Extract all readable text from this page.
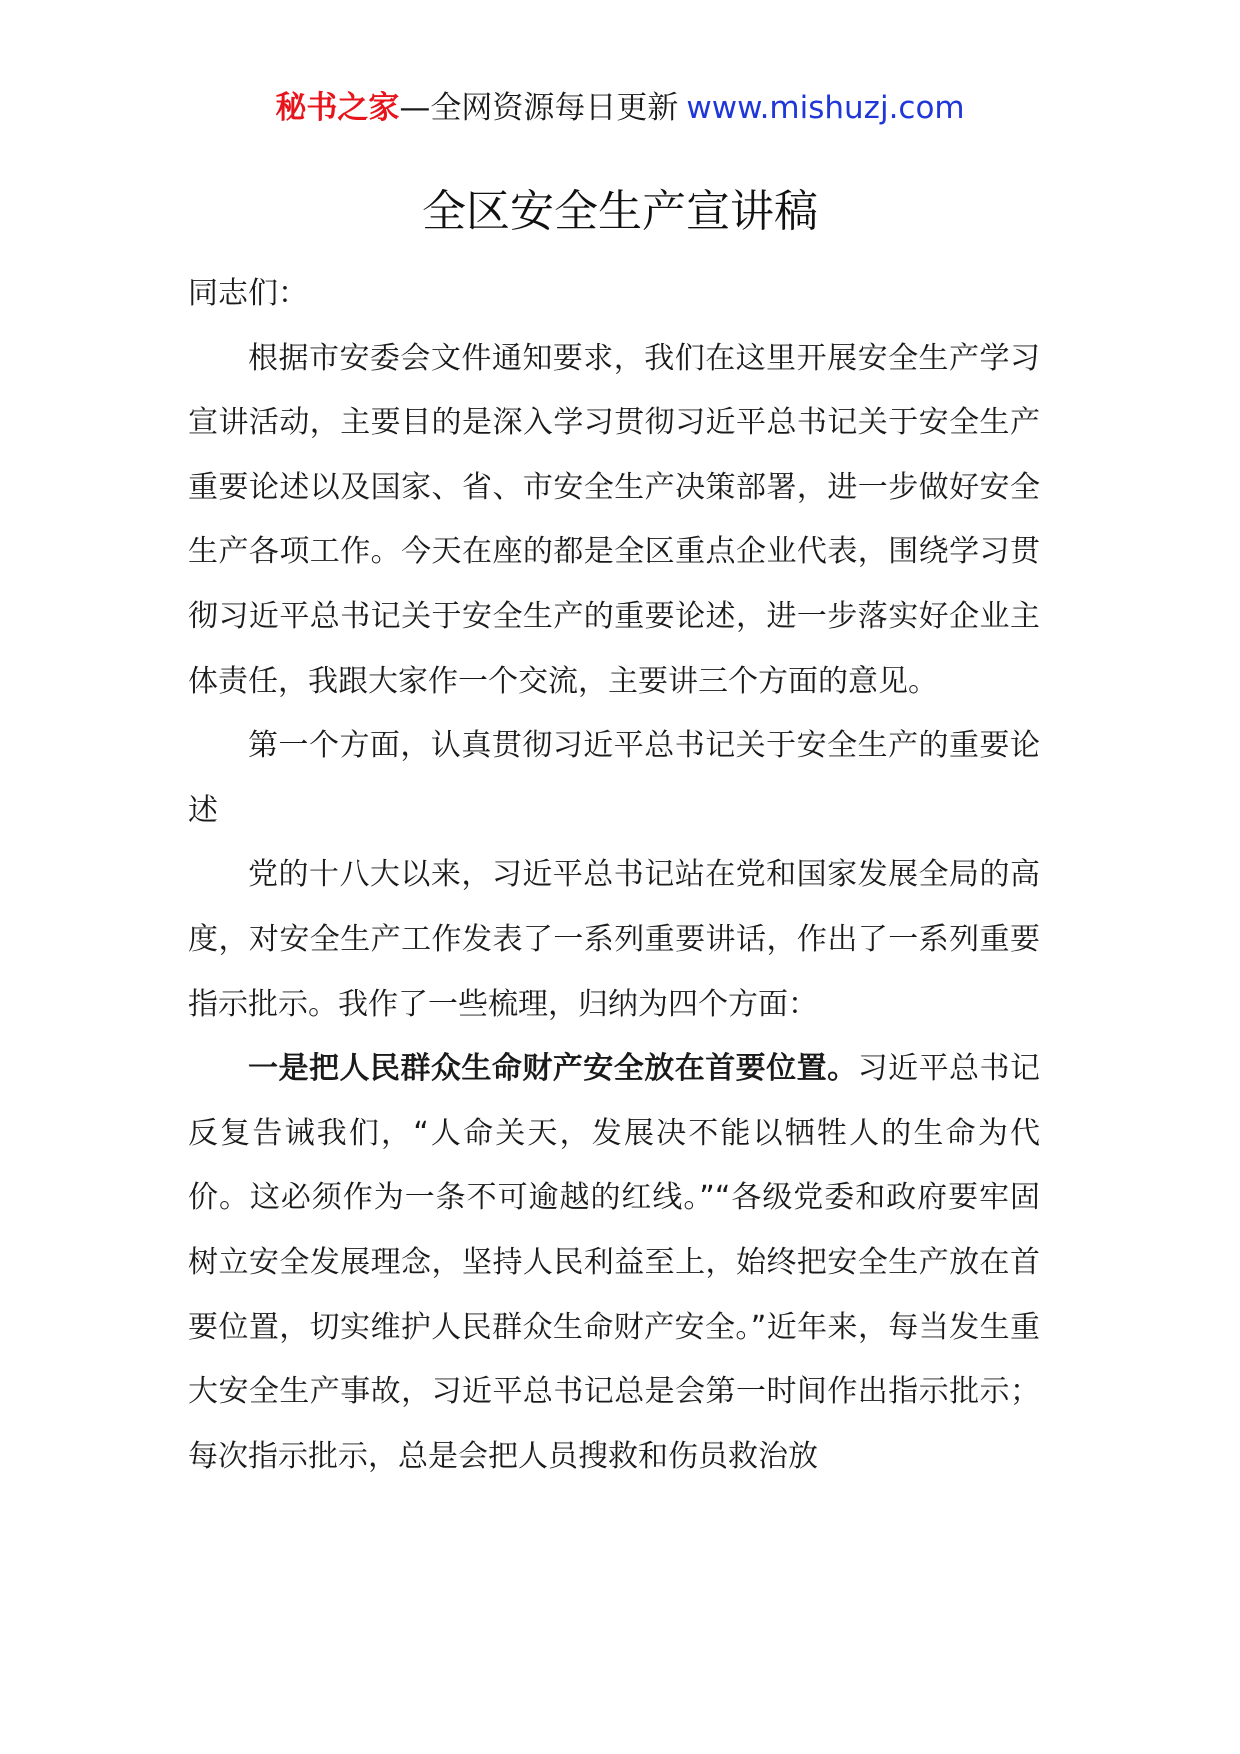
秘书之家—全网资源每日更新 www.mishuzj.com
全区安全生产宣讲稿

同志们：

根据市安委会文件通知要求，我们在这里开展安全生产学习宣讲活动，主要目的是深入学习贯彻习近平总书记关于安全生产重要论述以及国家、省、市安全生产决策部署，进一步做好安全生产各项工作。今天在座的都是全区重点企业代表，围绕学习贯彻习近平总书记关于安全生产的重要论述，进一步落实好企业主体责任，我跟大家作一个交流，主要讲三个方面的意见。

第一个方面，认真贯彻习近平总书记关于安全生产的重要论述

党的十八大以来，习近平总书记站在党和国家发展全局的高度，对安全生产工作发表了一系列重要讲话，作出了一系列重要指示批示。我作了一些梳理，归纳为四个方面：

一是把人民群众生命财产安全放在首要位置。习近平总书记反复告诫我们，“人命关天，发展决不能以牺牲人的生命为代价。这必须作为一条不可逾越的红线。”“各级党委和政府要牢固树立安全发展理念，坚持人民利益至上，始终把安全生产放在首要位置，切实维护人民群众生命财产安全。”近年来，每当发生重大安全生产事故，习近平总书记总是会第一时间作出指示批示；每次指示批示，总是会把人员搜救和伤员救治放
